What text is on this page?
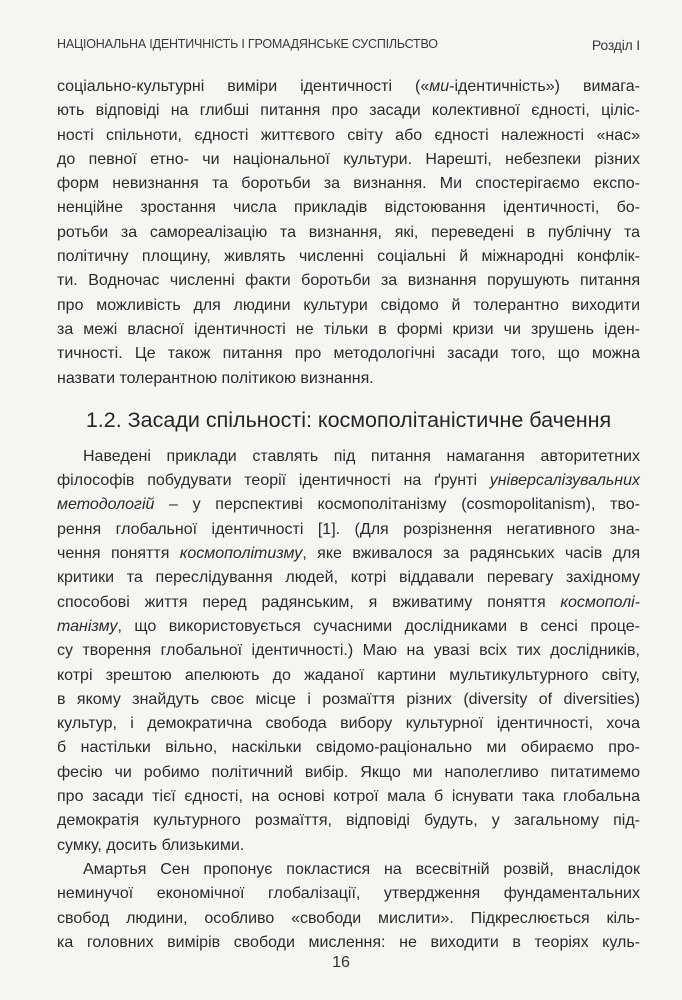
НАЦІОНАЛЬНА ІДЕНТИЧНІСТЬ І ГРОМАДЯНСЬКЕ СУСПІЛЬСТВО	Розділ I
соціально-культурні виміри ідентичності («ми-ідентичність») вимага-
ють відповіді на глибші питання про засади колективної єдності, ціліс-
ності спільноти, єдності життєвого світу або єдності належності «нас»
до певної етно- чи національної культури. Нарешті, небезпеки різних
форм невизнання та боротьби за визнання. Ми спостерігаємо експо-
ненційне зростання числа прикладів відстоювання ідентичності, бо-
ротьби за самореалізацію та визнання, які, переведені в публічну та
політичну площину, живлять численні соціальні й міжнародні конфлік-
ти. Водночас численні факти боротьби за визнання порушують питання
про можливість для людини культури свідомо й толерантно виходити
за межі власної ідентичності не тільки в формі кризи чи зрушень іден-
тичності. Це також питання про методологічні засади того, що можна
назвати толерантною політикою визнання.
1.2. Засади спільності: космополітаністичне бачення
Наведені приклади ставлять під питання намагання авторитетних
філософів побудувати теорії ідентичності на ґрунті універсалізувальних
методологій – у перспективі космополітанізму (cosmopolitanism), тво-
рення глобальної ідентичності [1]. (Для розрізнення негативного зна-
чення поняття космополітизму, яке вживалося за радянських часів для
критики та переслідування людей, котрі віддавали перевагу західному
способові життя перед радянським, я вживатиму поняття космополі-
танізму, що використовується сучасними дослідниками в сенсі проце-
су творення глобальної ідентичності.) Маю на увазі всіх тих дослідників,
котрі зрештою апелюють до жаданої картини мультикультурного світу,
в якому знайдуть своє місце і розмаїття різних (diversity of diversities)
культур, і демократична свобода вибору культурної ідентичності, хоча
б настільки вільно, наскільки свідомо-раціонально ми обираємо про-
фесію чи робимо політичний вибір. Якщо ми наполегливо питатимемо
про засади тієї єдності, на основі котрої мала б існувати така глобальна
демократія культурного розмаїття, відповіді будуть, у загальному під-
сумку, досить близькими.
Амартья Сен пропонує покластися на всесвітній розвій, внаслідок
неминучої економічної глобалізації, утвердження фундаментальних
свобод людини, особливо «свободи мислити». Підкреслюється кіль-
ка головних вимірів свободи мислення: не виходити в теоріях куль-
16
